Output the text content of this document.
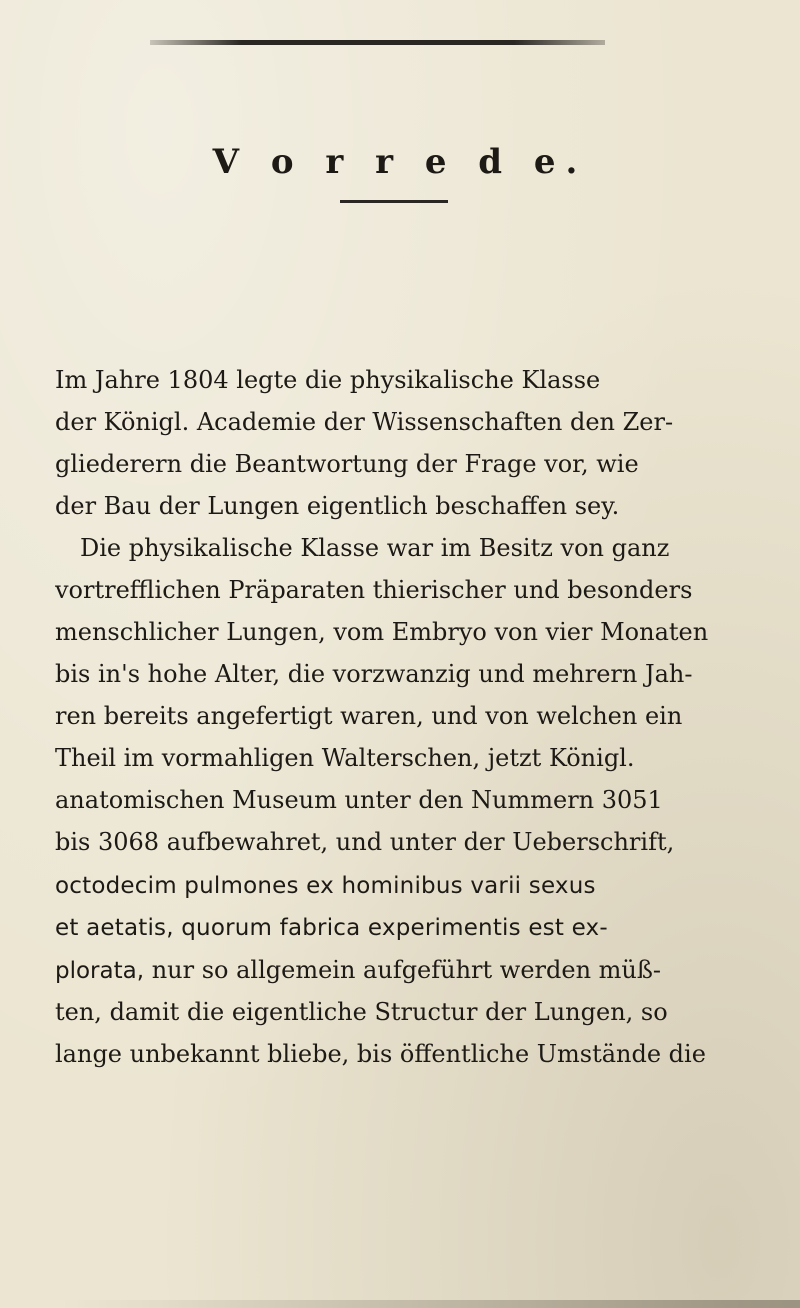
V o r r e d e.
Im Jahre 1804 legte die physikalische Klasse
der Königl. Academie der Wissenschaften den Zer-
gliederern die Beantwortung der Frage vor, wie
der Bau der Lungen eigentlich beschaffen sey.
Die physikalische Klasse war im Besitz von ganz
vortrefflichen Präparaten thierischer und besonders
menschlicher Lungen, vom Embryo von vier Monaten
bis in's hohe Alter, die vorzwanzig und mehrern Jah-
ren bereits angefertigt waren, und von welchen ein
Theil im vormahligen Walterschen, jetzt Königl.
anatomischen Museum unter den Nummern 3051
bis 3068 aufbewahret, und unter der Ueberschrift,
octodecim pulmones ex hominibus varii sexus
et aetatis, quorum fabrica experimentis est ex-
plorata, nur so allgemein aufgeführt werden müß-
ten, damit die eigentliche Structur der Lungen, so
lange unbekannt bliebe, bis öffentliche Umstände die
